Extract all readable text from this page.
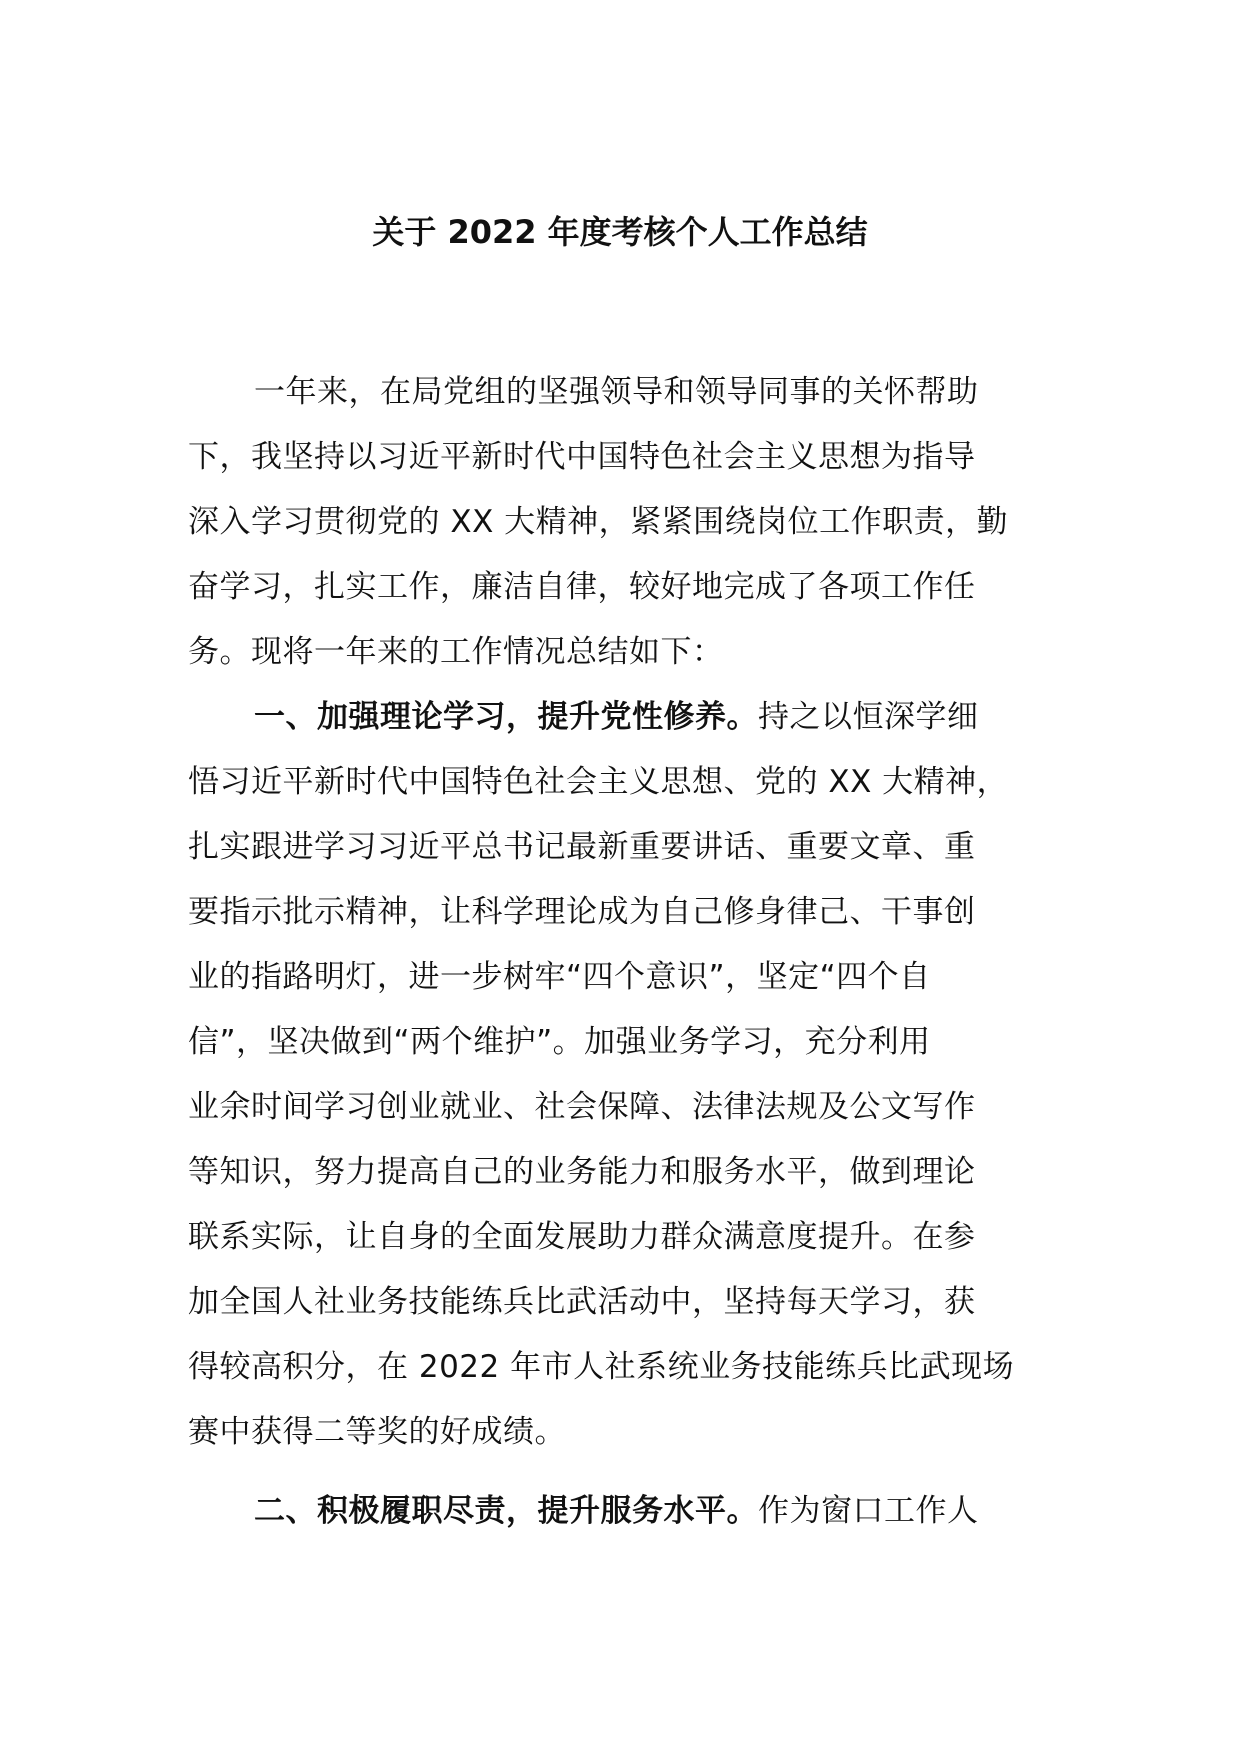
关于 2022 年度考核个人工作总结
一年来，在局党组的坚强领导和领导同事的关怀帮助
下，我坚持以习近平新时代中国特色社会主义思想为指导
深入学习贯彻党的 XX 大精神，紧紧围绕岗位工作职责，勤
奋学习，扎实工作，廉洁自律，较好地完成了各项工作任
务。现将一年来的工作情况总结如下：
一、加强理论学习，提升党性修养。持之以恒深学细
悟习近平新时代中国特色社会主义思想、党的 XX 大精神，
扎实跟进学习习近平总书记最新重要讲话、重要文章、重
要指示批示精神，让科学理论成为自己修身律己、干事创
业的指路明灯，进一步树牢“四个意识”，坚定“四个自
信”，坚决做到“两个维护”。加强业务学习，充分利用
业余时间学习创业就业、社会保障、法律法规及公文写作
等知识，努力提高自己的业务能力和服务水平，做到理论
联系实际，让自身的全面发展助力群众满意度提升。在参
加全国人社业务技能练兵比武活动中，坚持每天学习，获
得较高积分，在 2022 年市人社系统业务技能练兵比武现场
赛中获得二等奖的好成绩。
二、积极履职尽责，提升服务水平。作为窗口工作人
